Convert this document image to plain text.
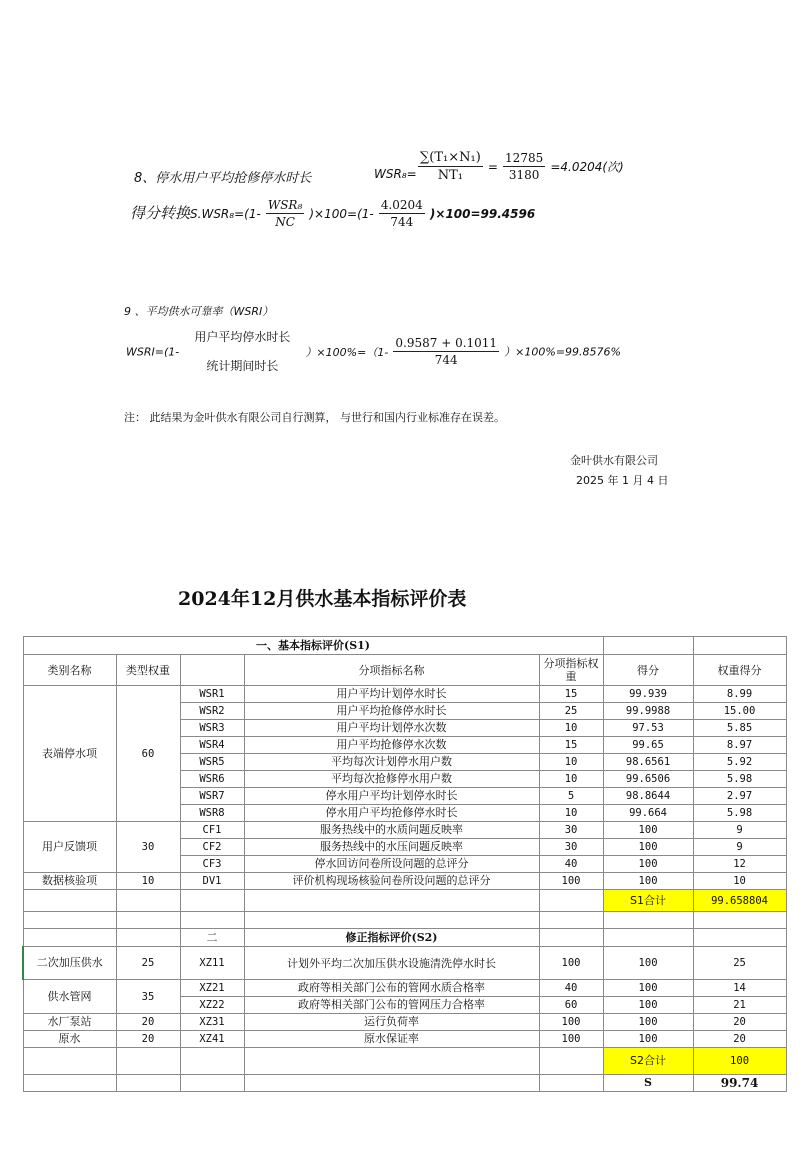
8、停水用户平均抢修停水时长	$WSR_8= \frac{\text{∑(T₁×N₁)}}{\text{NT₁}} = \frac{12785}{3180} =4.0204$(次)
得分转换$S.WSR_8=(1- \frac{\text{WSR₈}}{NC} )\times 100=(1- \frac{4.0204}{744} )\times 100=99.4596$
9 、平均供水可靠率（WSRI）
WSRI=(1-
用户平均停水时长
统计期间时长
）$\times 100\%=(1- \frac{0.9587 + 0.1011}{744} )\times 100\%=99.8576\%$
注： 此结果为金叶供水有限公司自行测算， 与世行和国内行业标准存在误差。
金叶供水有限公司
2025 年 1 月 4 日
2024年12月供水基本指标评价表
一、基本指标评价(S1)						
类别名称	类型权重		分项指标名称	分项指标权重	得分	权重得分
表端停水项	60	WSR1	用户平均计划停水时长	15	99.939	8.99
		WSR2	用户平均抢修停水时长	25	99.9988	15.00
		WSR3	用户平均计划停水次数	10	97.53	5.85
		WSR4	用户平均抢修停水次数	15	99.65	8.97
		WSR5	平均每次计划停水用户数	10	98.6561	5.92
		WSR6	平均每次抢修停水用户数	10	99.6506	5.98
		WSR7	停水用户平均计划停水时长	5	98.8644	2.97
		WSR8	停水用户平均抢修停水时长	10	99.664	5.98
用户反馈项	30	CF1	服务热线中的水质问题反映率	30	100	9
		CF2	服务热线中的水压问题反映率	30	100	9
		CF3	停水回访问卷所设问题的总评分	40	100	12
数据核验项	10	DV1	评价机构现场核验问卷所设问题的总评分	100	100	10
					S1合计	99.658804

		二	修正指标评价(S2)			
二次加压供水	25	XZ11	计划外平均二次加压供水设施清洗停水时长	100	100	25
供水管网	35	XZ21	政府等相关部门公布的管网水质合格率	40	100	14
		XZ22	政府等相关部门公布的管网压力合格率	60	100	21
水厂泵站	20	XZ31	运行负荷率	100	100	20
原水	20	XZ41	原水保证率	100	100	20
					S2合计	100
					S	99.74
